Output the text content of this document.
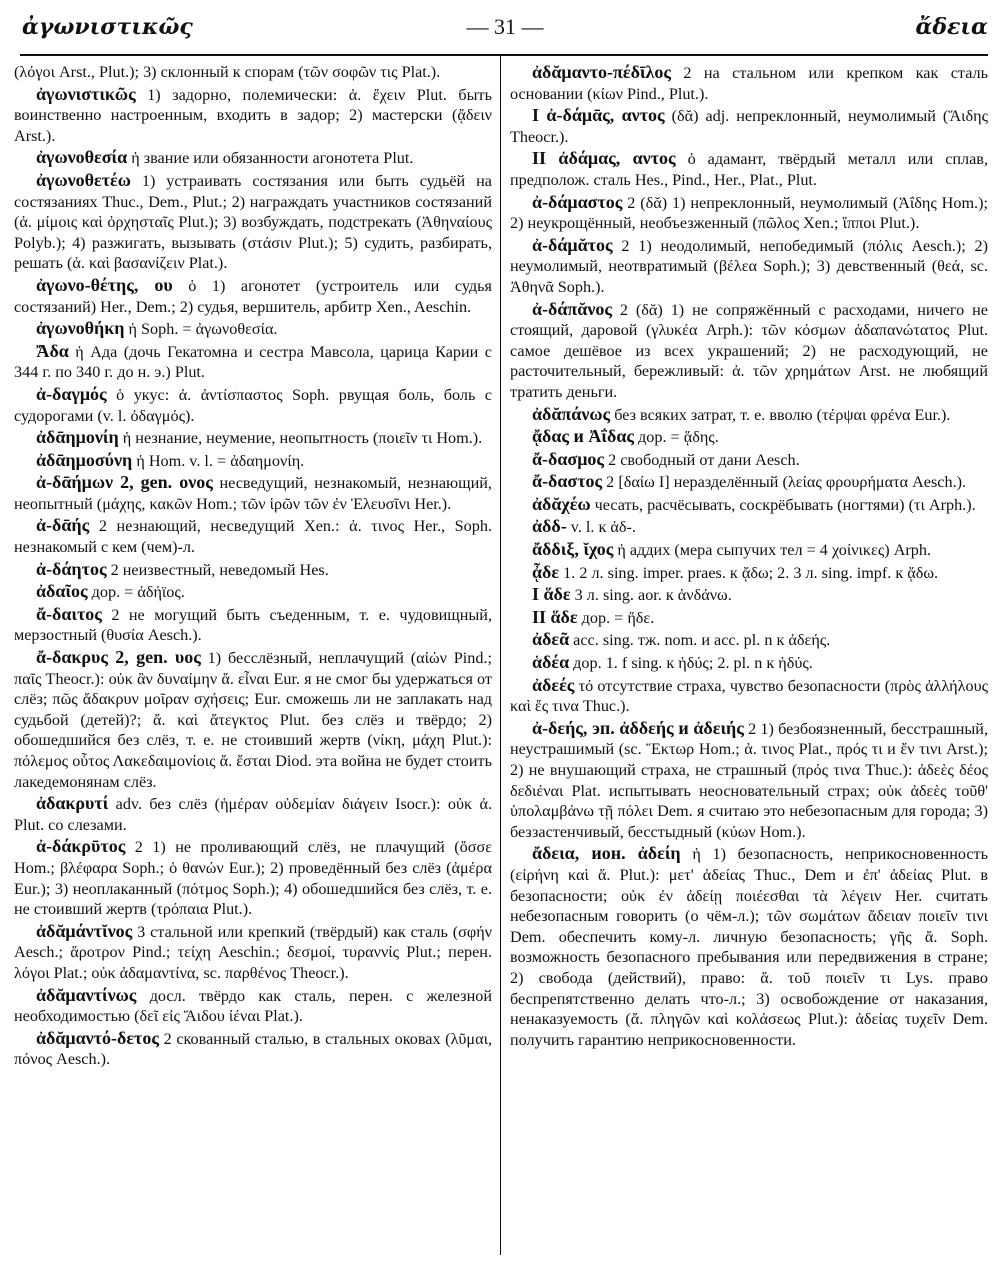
ἀγωνιστικῶς	— 31 —	ἄδεια
(λόγοι Arst., Plut.); 3) склонный к спорам (τῶν σοφῶν τις Plat.).
ἀγωνιστικῶς 1) задорно, полемически: ἀ. ἔχειν Plut. быть воинственно настроенным, входить в задор; 2) мастерски (ᾄδειν Arst.).
ἀγωνοθεσία ἡ звание или обязанности агонотета Plut.
ἀγωνοθετέω 1) устраивать состязания или быть судьёй на состязаниях Thuc., Dem., Plut.; 2) награждать участников состязаний (ἀ. μίμοις καὶ ὀρχησταῖς Plut.); 3) возбуждать, подстрекать (Ἀθηναίους Polyb.); 4) разжигать, вызывать (στάσιν Plut.); 5) судить, разбирать, решать (ἀ. καὶ βασανίζειν Plat.).
ἀγωνο-θέτης, ου ὁ 1) агонотет (устроитель или судья состязаний) Her., Dem.; 2) судья, вершитель, арбитр Xen., Aeschin.
ἀγωνοθήκη ἡ Soph. = ἀγωνοθεσία.
Ἄδα ἡ Ада (дочь Гекатомна и сестра Мавсола, царица Карии с 344 г. по 340 г. до н. э.) Plut.
ἀ-δαγμός ὁ укус: ἀ. ἀντίσπαστος Soph. рвущая боль, боль с судорогами (v. l. ὀδαγμός).
ἀδᾱημονίη ἡ незнание, неумение, неопытность (ποιεῖν τι Hom.).
ἀδᾱημοσύνη ἡ Hom. v. l. = ἀδαημονίη.
ἀ-δᾱήμων 2, gen. ονος несведущий, незнакомый, незнающий, неопытный (μάχης, κακῶν Hom.; τῶν ἱρῶν τῶν ἐν Ἐλευσῖνι Her.).
ἀ-δᾱής 2 незнающий, несведущий Xen.: ἀ. τινος Her., Soph. незнакомый с кем (чем)-л.
ἀ-δάητος 2 неизвестный, неведомый Hes.
ἀδαῖος дор. = ἀδήϊος.
ἄ-δαιτος 2 не могущий быть съеденным, т. е. чудовищный, мерзостный (θυσία Aesch.).
ἄ-δακρυς 2, gen. υος 1) бесслёзный, неплачущий (αἰών Pind.; παῖς Theocr.): οὐκ ἂν δυναίμην ἄ. εἶναι Eur. я не смог бы удержаться от слёз; πῶς ἄδακρυν μοῖραν σχήσεις; Eur. сможешь ли не заплакать над судьбой (детей)?; ἄ. καὶ ἄτεγκτος Plut. без слёз и твёрдо; 2) обошедшийся без слёз, т. е. не стоивший жертв (νίκη, μάχη Plut.): πόλεμος οὗτος Λακεδαιμονίοις ἄ. ἔσται Diod. эта война не будет стоить лакедемонянам слёз.
ἀδακρυτί adv. без слёз (ἡμέραν οὐδεμίαν διάγειν Isocr.): οὐκ ἀ. Plut. со слезами.
ἀ-δάκρῡτος 2 1) не проливающий слёз, не плачущий (ὄσσε Hom.; βλέφαρα Soph.; ὁ θανών Eur.); 2) проведённый без слёз (ἀμέρα Eur.); 3) неоплаканный (πότμος Soph.); 4) обошедшийся без слёз, т. е. не стоивший жертв (τρόπαια Plut.).
ἀδᾰμάντῐνος 3 стальной или крепкий (твёрдый) как сталь (σφήν Aesch.; ἄροτρον Pind.; τείχη Aeschin.; δεσμοί, τυραννίς Plut.; перен. λόγοι Plat.; οὐκ ἀδαμαντίνα, sc. παρθένος Theocr.).
ἀδᾰμαντίνως досл. твёрдо как сталь, перен. с железной необходимостью (δεῖ εἰς Ἅιδου ἰέναι Plat.).
ἀδᾰμαντό-δετος 2 скованный сталью, в стальных оковах (λῦμαι, πόνος Aesch.).
ἀδᾰμαντο-πέδῑλος 2 на стальном или крепком как сталь основании (κίων Pind., Plut.).
I ἀ-δάμᾱς, αντος (δᾰ) adj. непреклонный, неумолимый (Ἅιδης Theocr.).
II ἀδάμας, αντος ὁ адамант, твёрдый металл или сплав, предполож. сталь Hes., Pind., Her., Plat., Plut.
ἀ-δάμαστος 2 (δᾰ) 1) непреклонный, неумолимый (Ἀΐδης Hom.); 2) неукрощённый, необъезженный (πῶλος Xen.; ἵπποι Plut.).
ἀ-δάμᾰτος 2 1) неодолимый, непобедимый (πόλις Aesch.); 2) неумолимый, неотвратимый (βέλεα Soph.); 3) девственный (θεά, sc. Ἀθηνᾶ Soph.).
ἀ-δάπᾰνος 2 (δᾰ) 1) не сопряжённый с расходами, ничего не стоящий, даровой (γλυκέα Arph.): τῶν κόσμων ἀδαπανώτατος Plut. самое дешёвое из всех украшений; 2) не расходующий, не расточительный, бережливый: ἀ. τῶν χρημάτων Arst. не любящий тратить деньги.
ἀδᾰπάνως без всяких затрат, т. е. вволю (τέρψαι φρένα Eur.).
ᾄδας и Ἀΐδας дор. = ᾅδης.
ἄ-δασμος 2 свободный от дани Aesch.
ἄ-δαστος 2 [δαίω I] неразделённый (λείας φρουρήματα Aesch.).
ἀδᾰχέω чесать, расчёсывать, соскрёбывать (ногтями) (τι Arph.).
ἀδδ- v. l. к ἀδ-.
ἄδδιξ, ῐχος ἡ аддих (мера сыпучих тел = 4 χοίνικες) Arph.
ᾆδε 1. 2 л. sing. imper. praes. к ᾄδω; 2. 3 л. sing. impf. к ᾄδω.
I ἅδε 3 л. sing. aor. к ἁνδάνω.
II ἅδε дор. = ἥδε.
ἀδεᾶ acc. sing. тж. nom. и acc. pl. n к ἀδεής.
ἁδέα дор. 1. f sing. к ἡδύς; 2. pl. n к ἡδύς.
ἀδεές τό отсутствие страха, чувство безопасности (πρὸς ἀλλήλους καὶ ἔς τινα Thuc.).
ἀ-δεής, эп. ἀδδεής и ἀδειής 2 1) безбоязненный, бесстрашный, неустрашимый (sc. Ἕκτωρ Hom.; ἀ. τινος Plat., πρός τι и ἔν τινι Arst.); 2) не внушающий страха, не страшный (πρός τινα Thuc.): ἀδεὲς δέος δεδιέναι Plat. испытывать неосновательный страх; οὐκ ἀδεὲς τοῦθ' ὑπολαμβάνω τῇ πόλει Dem. я считаю это небезопасным для города; 3) беззастенчивый, бесстыдный (κύων Hom.).
ἄδεια, ион. ἀδείη ἡ 1) безопасность, неприкосновенность (εἰρήνη καὶ ἄ. Plut.): μετ' ἀδείας Thuc., Dem и ἐπ' ἀδείας Plut. в безопасности; οὐκ ἐν ἀδείῃ ποιέεσθαι τὰ λέγειν Her. считать небезопасным говорить (о чём-л.); τῶν σωμάτων ἄδειαν ποιεῖν τινι Dem. обеспечить кому-л. личную безопасность; γῆς ἄ. Soph. возможность безопасного пребывания или передвижения в стране; 2) свобода (действий), право: ἄ. τοῦ ποιεῖν τι Lys. право беспрепятственно делать что-л.; 3) освобождение от наказания, ненаказуемость (ἄ. πληγῶν καὶ κολάσεως Plut.): ἀδείας τυχεῖν Dem. получить гарантию неприкосновенности.
